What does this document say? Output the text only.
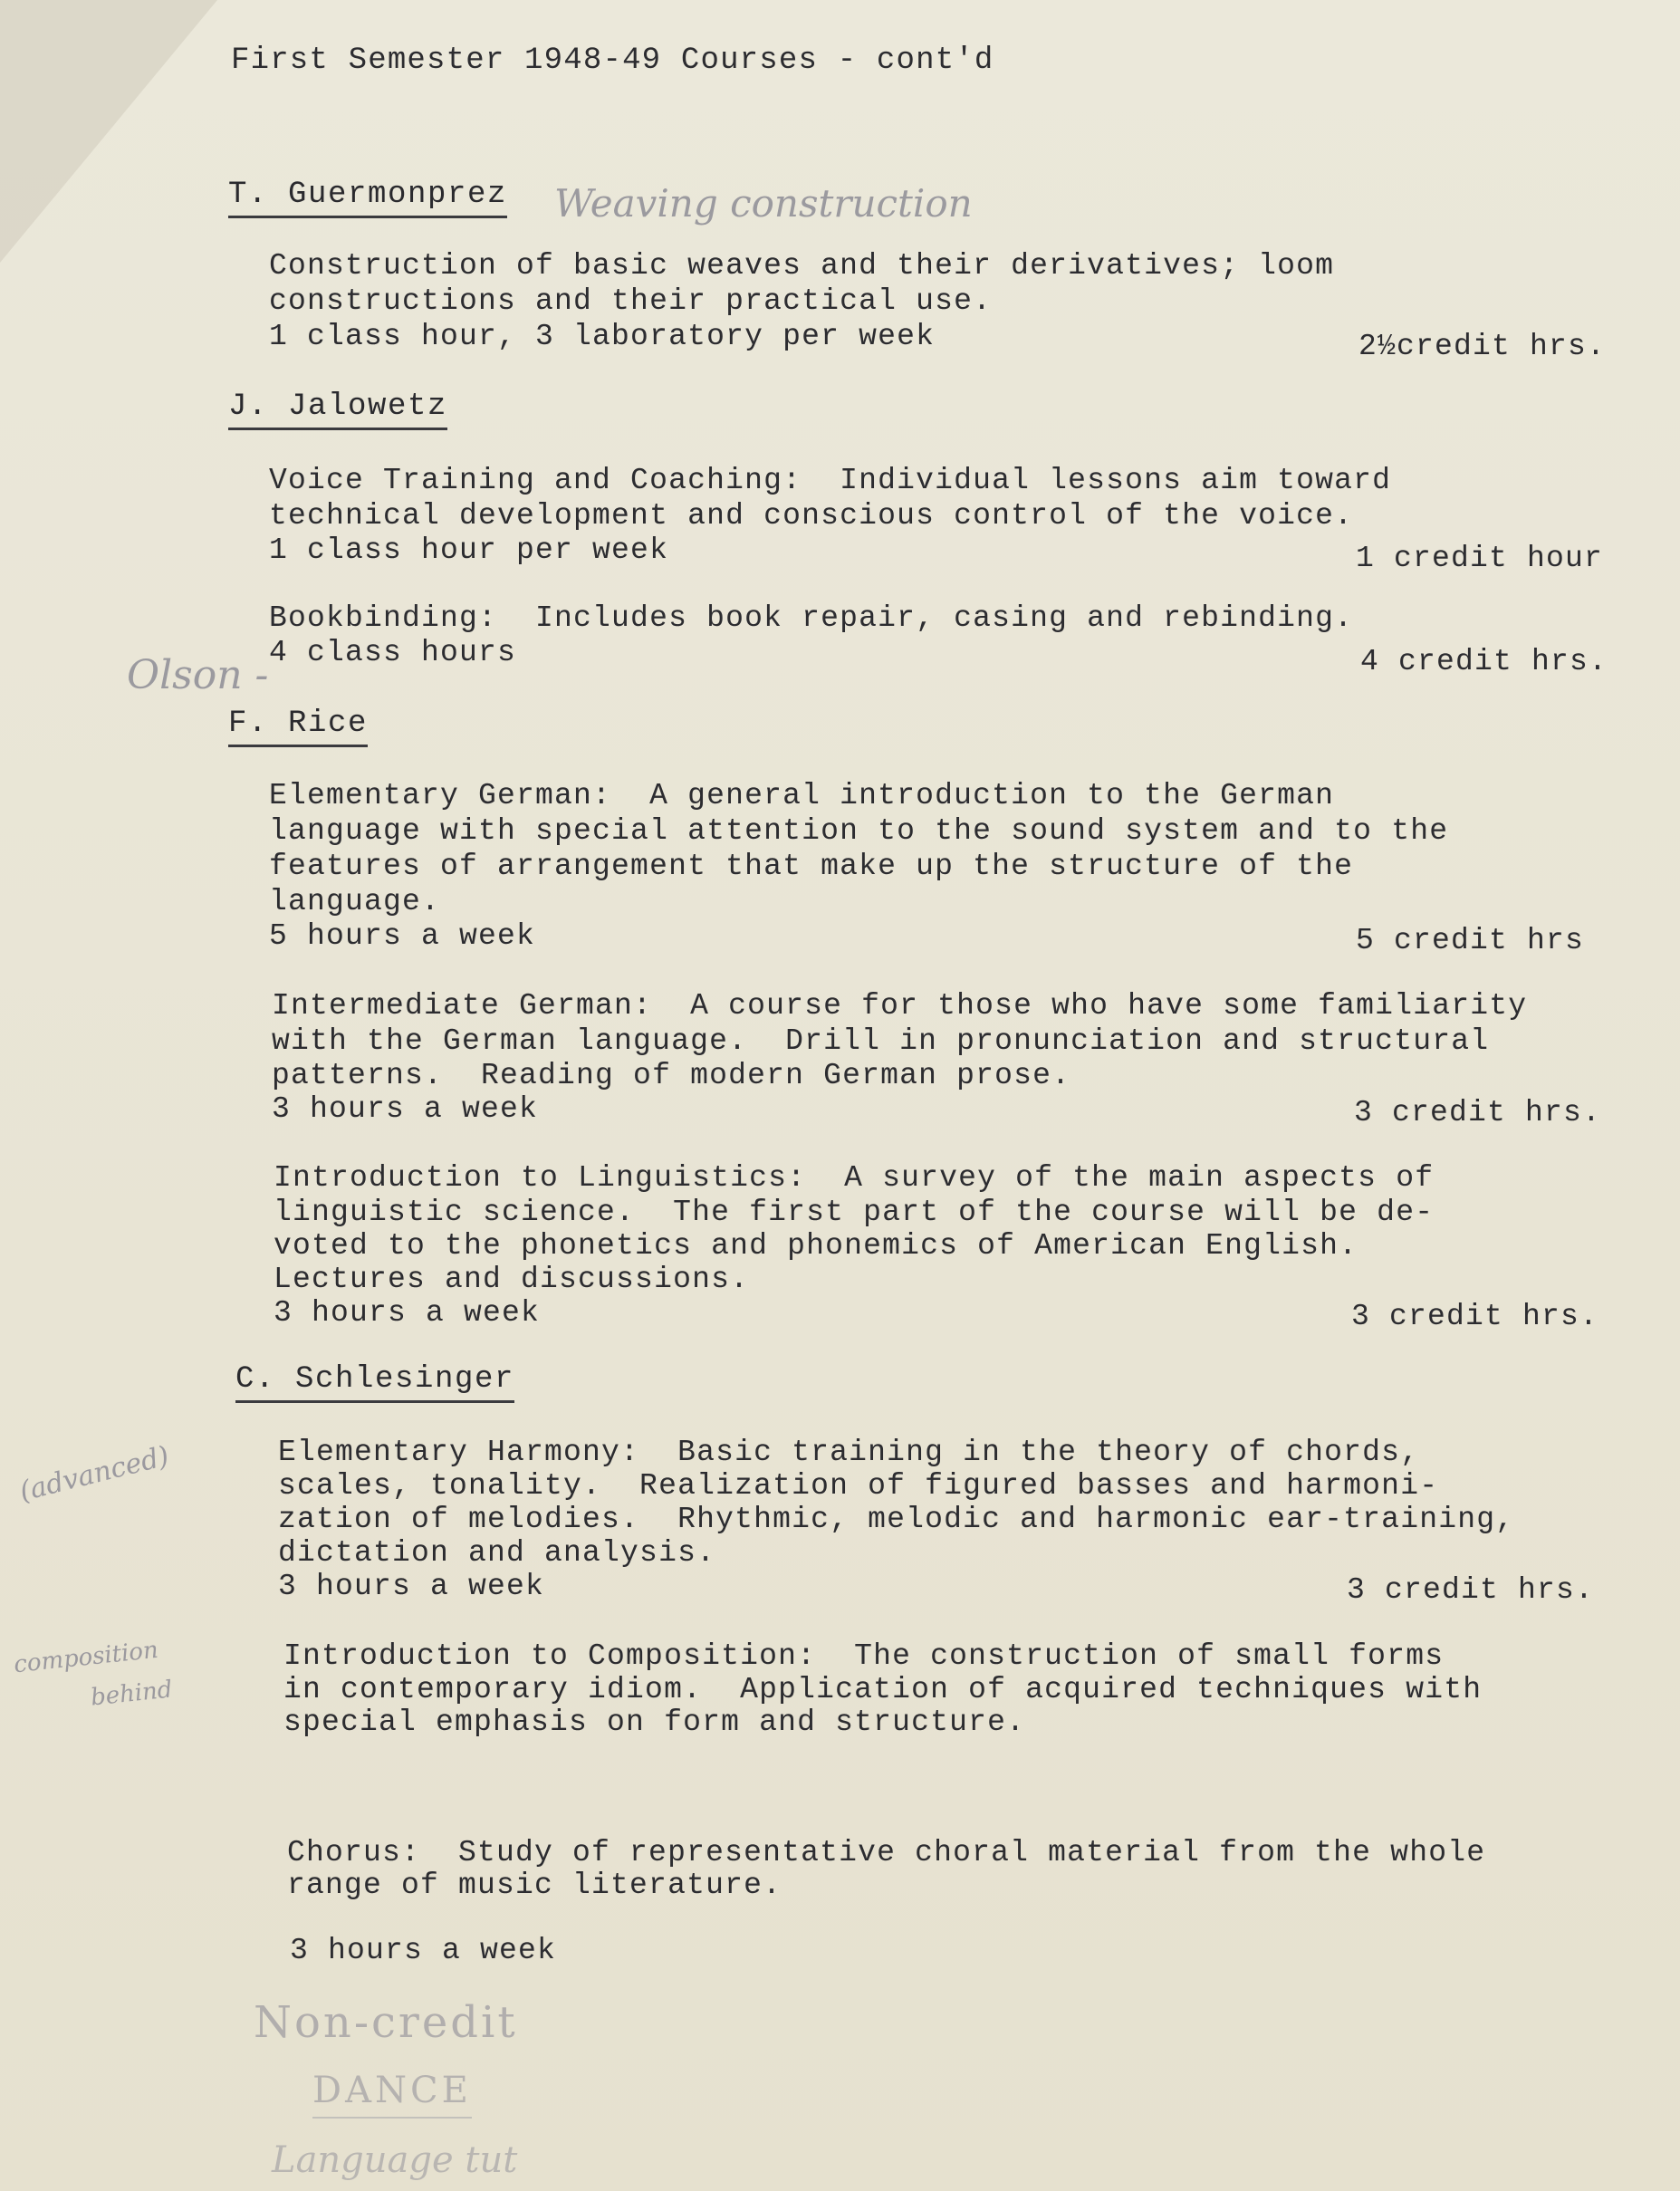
First Semester 1948-49 Courses - cont'd

T. Guermonprez Weaving construction

Construction of basic weaves and their derivatives; loom

constructions and their practical use.

1 class hour, 3 laboratory per week	2½credit hrs.

J. Jalowetz

Voice Training and Coaching:  Individual lessons aim toward

technical development and conscious control of the voice.

1 class hour per week	1 credit hour

Bookbinding:  Includes book repair, casing and rebinding.

4 class hours	4 credit hrs.

Olson -

F. Rice

Elementary German:  A general introduction to the German

language with special attention to the sound system and to the

features of arrangement that make up the structure of the

language.

5 hours a week	5 credit hrs

Intermediate German:  A course for those who have some familiarity

with the German language.  Drill in pronunciation and structural

patterns.  Reading of modern German prose.

3 hours a week	3 credit hrs.

Introduction to Linguistics:  A survey of the main aspects of

linguistic science.  The first part of the course will be de-

voted to the phonetics and phonemics of American English.

Lectures and discussions.

3 hours a week	3 credit hrs.

C. Schlesinger

(advanced)	Elementary Harmony:  Basic training in the theory of chords,

scales, tonality.  Realization of figured basses and harmoni-

zation of melodies.  Rhythmic, melodic and harmonic ear-training,

dictation and analysis.

3 hours a week	3 credit hrs.

composition

behind

Introduction to Composition:  The construction of small forms

in contemporary idiom.  Application of acquired techniques with

special emphasis on form and structure.

Chorus:  Study of representative choral material from the whole

range of music literature.

3 hours a week

Non-credit

DANCE

Language tut
